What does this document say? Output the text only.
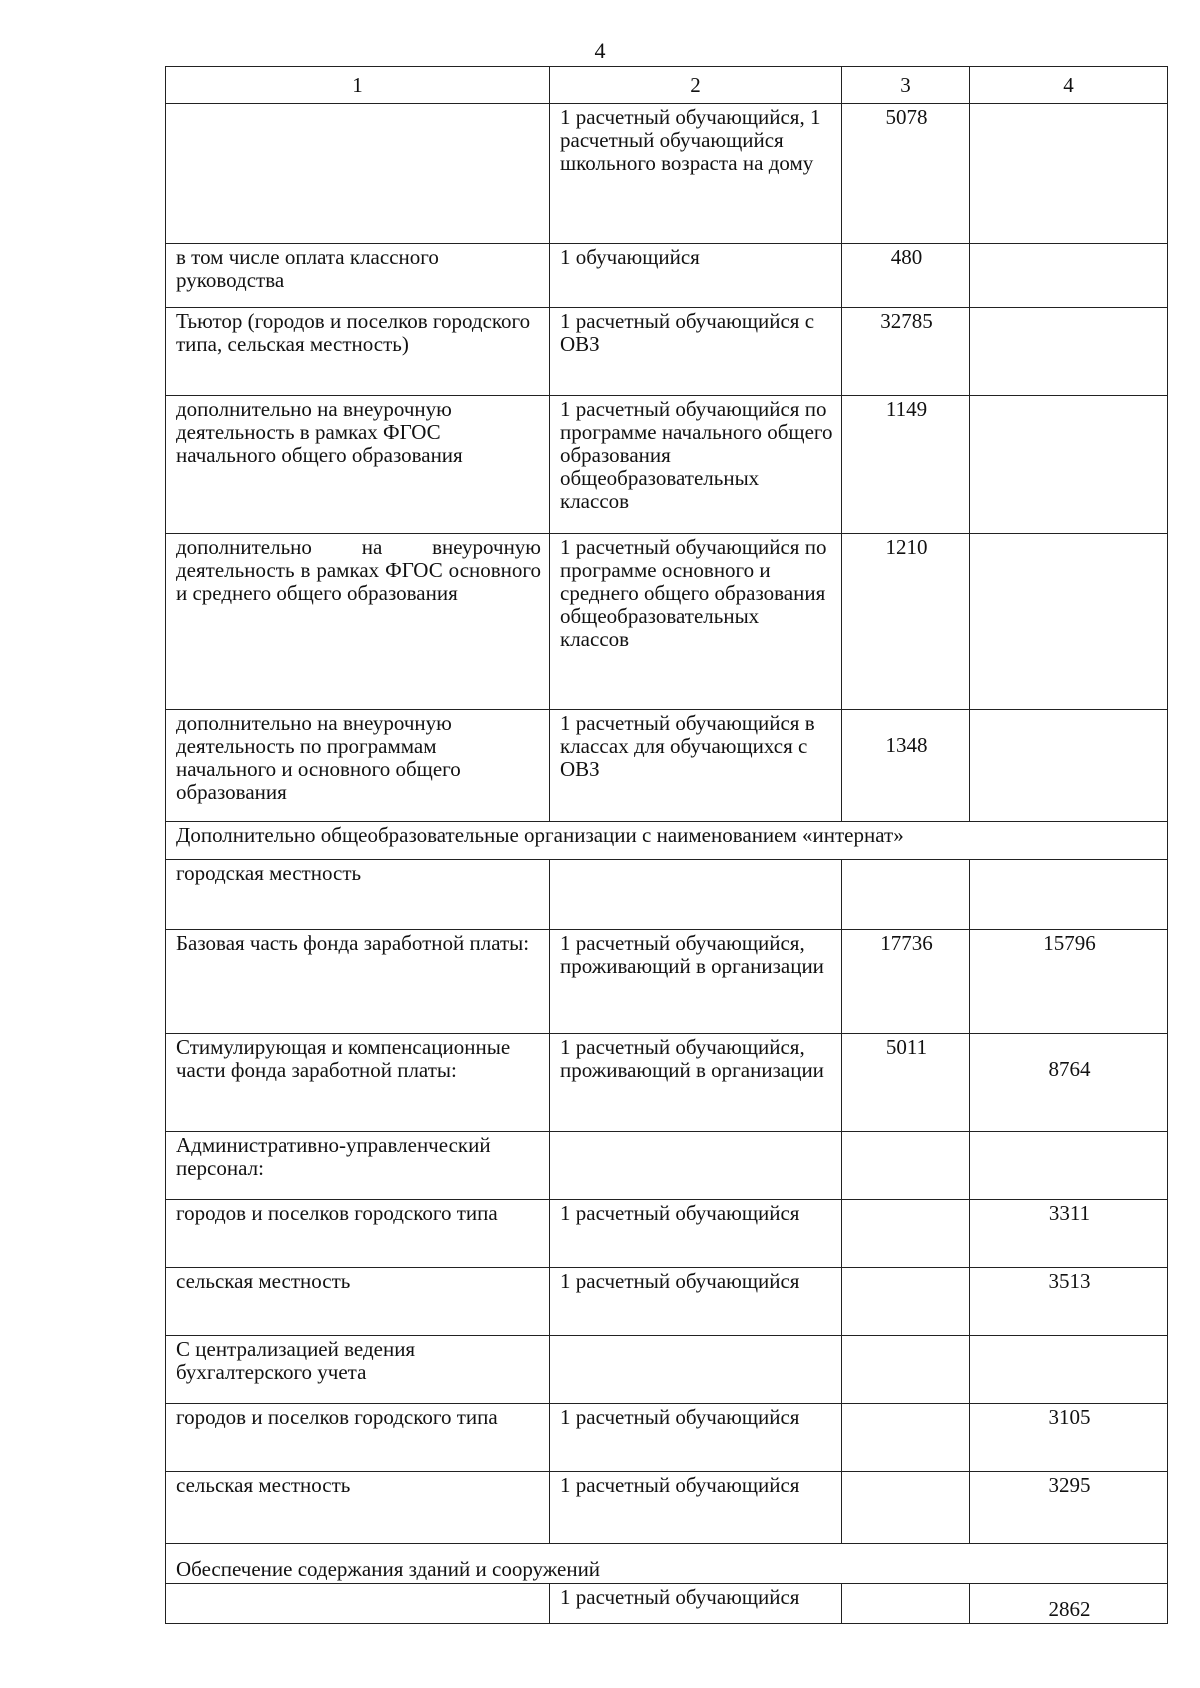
4
1	2	3	4
	1 расчетный обучающийся, 1 расчетный обучающийся школьного возраста на дому	5078	
в том числе оплата классного руководства	1 обучающийся	480	
Тьютор (городов и поселков городского типа, сельская местность)	1 расчетный обучающийся с ОВЗ	32785	
дополнительно на внеурочную деятельность в рамках ФГОС начального общего образования	1 расчетный обучающийся по программе начального общего образования общеобразовательных классов	1149	
дополнительно на внеурочную деятельность в рамках ФГОС основного и среднего общего образования	1 расчетный обучающийся по программе основного и среднего общего образования общеобразовательных классов	1210	
дополнительно на внеурочную деятельность по программам начального и основного общего образования	1 расчетный обучающийся в классах для обучающихся с ОВЗ	1348	
Дополнительно общеобразовательные организации с наименованием «интернат»			
городская местность			
Базовая часть фонда заработной платы:	1 расчетный обучающийся, проживающий в организации	17736	15796
Стимулирующая и компенсационные части фонда заработной платы:	1 расчетный обучающийся, проживающий в организации	5011	8764
Административно-управленческий персонал:			
городов и поселков городского типа	1 расчетный обучающийся		3311
сельская местность	1 расчетный обучающийся		3513
С централизацией ведения бухгалтерского учета			
городов и поселков городского типа	1 расчетный обучающийся		3105
сельская местность	1 расчетный обучающийся		3295
Обеспечение содержания зданий и сооружений			
	1 расчетный обучающийся		2862
